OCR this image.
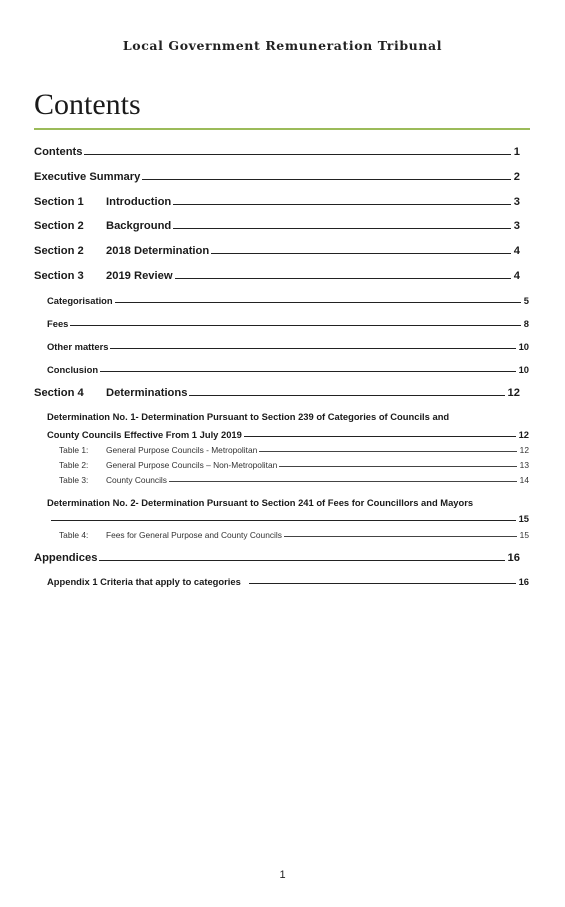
Local Government Remuneration Tribunal
Contents
Contents	1
Executive Summary	2
Section 1	Introduction	3
Section 2	Background	3
Section 2	2018 Determination	4
Section 3	2019 Review	4
Categorisation	5
Fees	8
Other matters	10
Conclusion	10
Section 4	Determinations	12
Determination No. 1- Determination Pursuant to Section 239 of Categories of Councils and
County Councils Effective From 1 July 2019	12
Table 1:	General Purpose Councils - Metropolitan	12
Table 2:	General Purpose Councils – Non-Metropolitan	13
Table 3:	County Councils	14
Determination No. 2- Determination Pursuant to Section 241 of Fees for Councillors and Mayors
15
Table 4:	Fees for General Purpose and County Councils	15
Appendices	16
Appendix 1 Criteria that apply to categories	16
1
